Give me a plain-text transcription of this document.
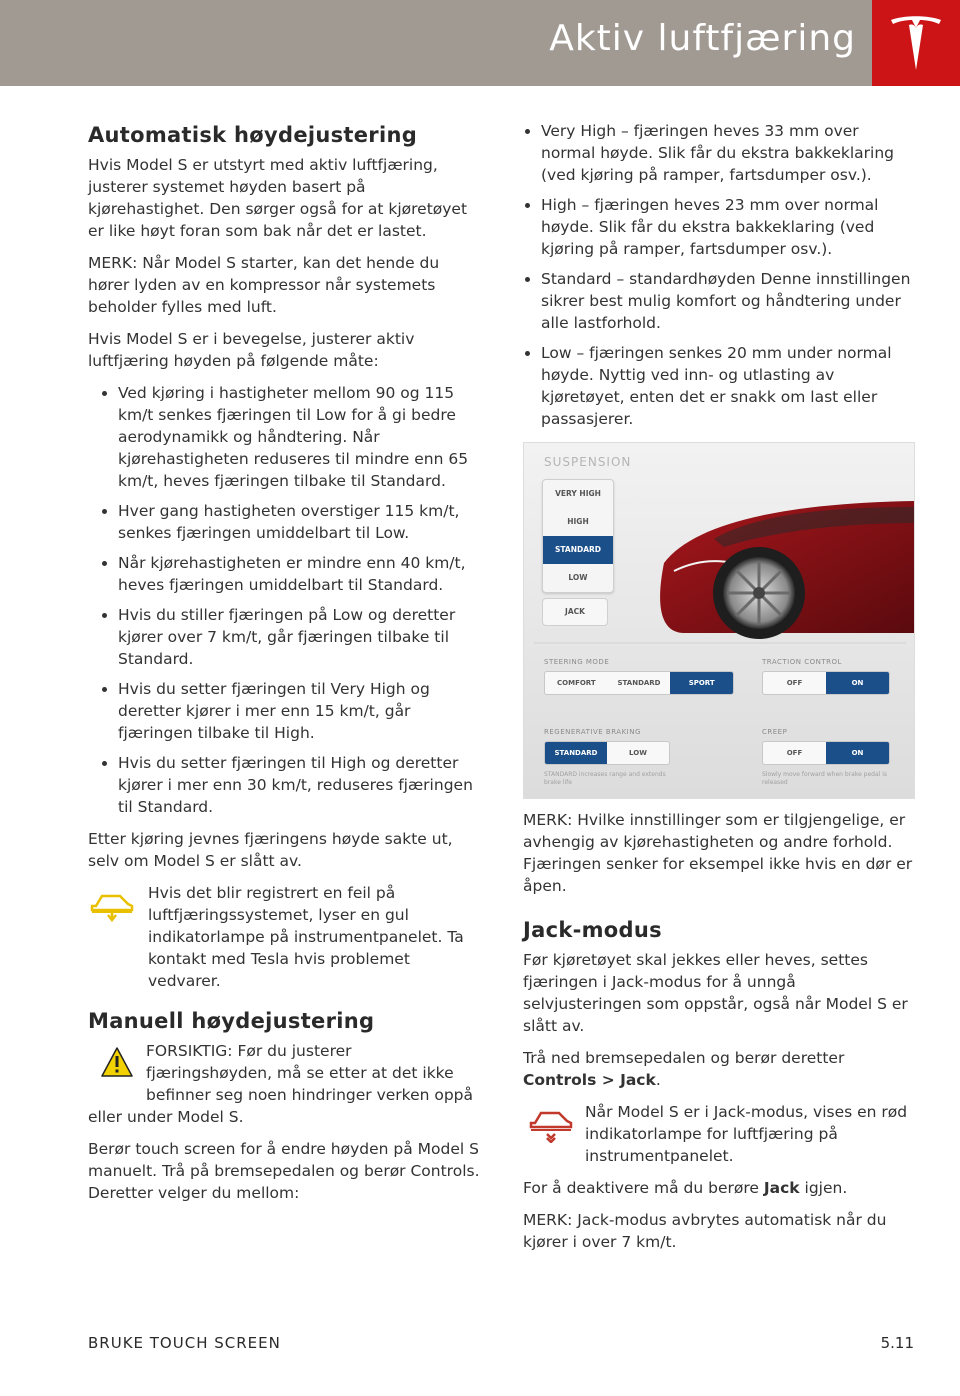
Aktiv luftfjæring
Automatisk høydejustering

Hvis Model S er utstyrt med aktiv luftfjæring, justerer systemet høyden basert på kjørehastighet. Den sørger også for at kjøretøyet er like høyt foran som bak når det er lastet.

MERK: Når Model S starter, kan det hende du hører lyden av en kompressor når systemets beholder fylles med luft.

Hvis Model S er i bevegelse, justerer aktiv luftfjæring høyden på følgende måte:

Ved kjøring i hastigheter mellom 90 og 115 km/t senkes fjæringen til Low for å gi bedre aerodynamikk og håndtering. Når kjørehastigheten reduseres til mindre enn 65 km/t, heves fjæringen tilbake til Standard.
Hver gang hastigheten overstiger 115 km/t, senkes fjæringen umiddelbart til Low.
Når kjørehastigheten er mindre enn 40 km/t, heves fjæringen umiddelbart til Standard.
Hvis du stiller fjæringen på Low og deretter kjører over 7 km/t, går fjæringen tilbake til Standard.
Hvis du setter fjæringen til Very High og deretter kjører i mer enn 15 km/t, går fjæringen tilbake til High.
Hvis du setter fjæringen til High og deretter kjører i mer enn 30 km/t, reduseres fjæringen til Standard.

Etter kjøring jevnes fjæringens høyde sakte ut, selv om Model S er slått av.

Hvis det blir registrert en feil på luftfjæringssystemet, lyser en gul indikatorlampe på instrumentpanelet. Ta kontakt med Tesla hvis problemet vedvarer.

Manuell høydejustering

FORSIKTIG: Før du justerer fjæringshøyden, må se etter at det ikke befinner seg noen hindringer verken oppå eller under Model S.

Berør touch screen for å endre høyden på Model S manuelt. Trå på bremsepedalen og berør Controls. Deretter velger du mellom:

Very High – fjæringen heves 33 mm over normal høyde. Slik får du ekstra bakkeklaring (ved kjøring på ramper, fartsdumper osv.).
High – fjæringen heves 23 mm over normal høyde. Slik får du ekstra bakkeklaring (ved kjøring på ramper, fartsdumper osv.).
Standard – standardhøyden Denne innstillingen sikrer best mulig komfort og håndtering under alle lastforhold.
Low – fjæringen senkes 20 mm under normal høyde. Nyttig ved inn- og utlasting av kjøretøyet, enten det er snakk om last eller passasjerer.
SUSPENSION
VERY HIGH
HIGH
STANDARD
LOW
JACK
STEERING MODE
COMFORT	STANDARD	SPORT
TRACTION CONTROL
OFF	ON
REGENERATIVE BRAKING
STANDARD	LOW
STANDARD increases range and extends brake life
CREEP
OFF	ON
Slowly move forward when brake pedal is released

MERK: Hvilke innstillinger som er tilgjengelige, er avhengig av kjørehastigheten og andre forhold. Fjæringen senker for eksempel ikke hvis en dør er åpen.

Jack-modus

Før kjøretøyet skal jekkes eller heves, settes fjæringen i Jack-modus for å unngå selvjusteringen som oppstår, også når Model S er slått av.

Trå ned bremsepedalen og berør deretter Controls > Jack.

Når Model S er i Jack-modus, vises en rød indikatorlampe for luftfjæring på instrumentpanelet.

For å deaktivere må du berøre Jack igjen.

MERK: Jack-modus avbrytes automatisk når du kjører i over 7 km/t.

BRUKE TOUCH SCREEN	5.11
